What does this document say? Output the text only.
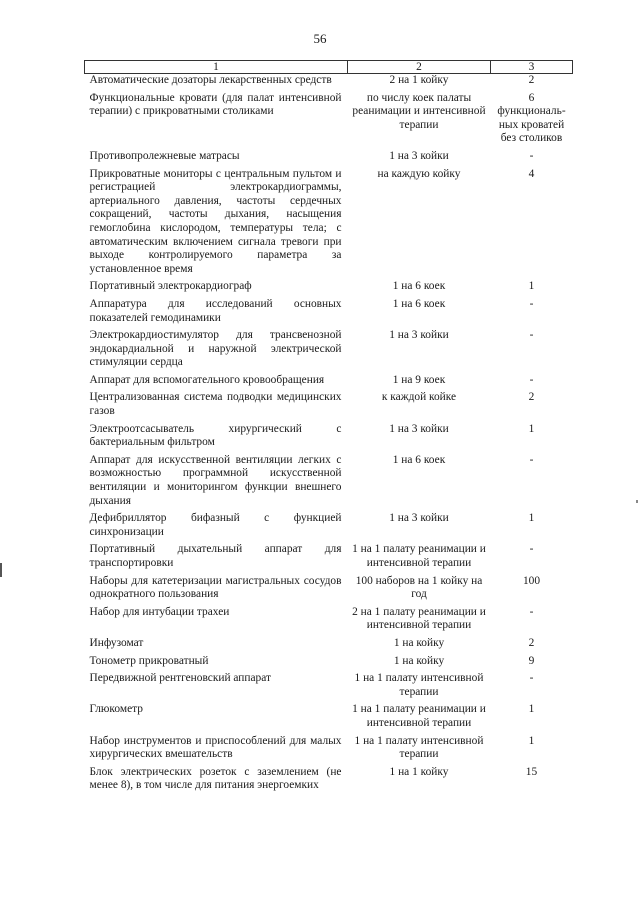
56
1	2	3
Автоматические дозаторы лекарственных средств	2 на 1 койку	2
Функциональные кровати (для палат интенсивной терапии) с прикроватными столиками	по числу коек палаты реанимации и интенсивной терапии	6 функциональ-ных кроватей без столиков
Противопролежневые матрасы	1 на 3 койки	-
Прикроватные мониторы с центральным пультом и регистрацией электрокардиограммы, артериального давления, частоты сердечных сокращений, частоты дыхания, насыщения гемоглобина кислородом, температуры тела; с автоматическим включением сигнала тревоги при выходе контролируемого параметра за установленное время	на каждую койку	4
Портативный электрокардиограф	1 на 6 коек	1
Аппаратура для исследований основных показателей гемодинамики	1 на 6 коек	-
Электрокардиостимулятор для трансвенозной эндокардиальной и наружной электрической стимуляции сердца	1 на 3 койки	-
Аппарат для вспомогательного кровообращения	1 на 9 коек	-
Централизованная система подводки медицинских газов	к каждой койке	2
Электроотсасыватель хирургический с бактериальным фильтром	1 на 3 койки	1
Аппарат для искусственной вентиляции легких с возможностью программной искусственной вентиляции и мониторингом функции внешнего дыхания	1 на 6 коек	-
Дефибриллятор бифазный с функцией синхронизации	1 на 3 койки	1
Портативный дыхательный аппарат для транспортировки	1 на 1 палату реанимации и интенсивной терапии	-
Наборы для катетеризации магистральных сосудов однократного пользования	100 наборов на 1 койку на год	100
Набор для интубации трахеи	2 на 1 палату реанимации и интенсивной терапии	-
Инфузомат	1 на койку	2
Тонометр прикроватный	1 на койку	9
Передвижной рентгеновский аппарат	1 на 1 палату интенсивной терапии	-
Глюкометр	1 на 1 палату реанимации и интенсивной терапии	1
Набор инструментов и приспособлений для малых хирургических вмешательств	1 на 1 палату интенсивной терапии	1
Блок электрических розеток с заземлением (не менее 8), в том числе для питания энергоемких	1 на 1 койку	15
